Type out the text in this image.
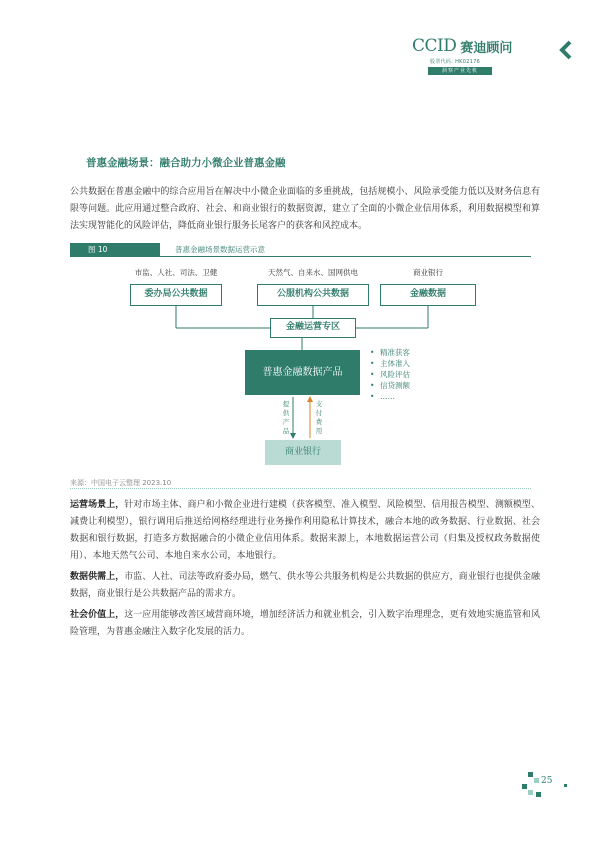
CCID 赛迪顾问
股票代码: HK02176
洞察产业先机
普惠金融场景：融合助力小微企业普惠金融

公共数据在普惠金融中的综合应用旨在解决中小微企业面临的多重挑战，包括规模小、风险承受能力低以及财务信息有限等问题。此应用通过整合政府、社会、和商业银行的数据资源，建立了全面的小微企业信用体系，利用数据模型和算法实现智能化的风险评估，降低商业银行服务长尾客户的获客和风控成本。

图 10	普惠金融场景数据运营示意
市监、人社、司法、卫健	天然气、自来水、国网供电	商业银行
委办局公共数据	公服机构公共数据	金融数据
金融运营专区
普惠金融数据产品
• 精准获客
• 主体准入
• 风险评估
• 信贷测额
• ……
提供产品
支付费用
商业银行
来源：中国电子云整理 2023.10

运营场景上，针对市场主体、商户和小微企业进行建模（获客模型、准入模型、风险模型、信用报告模型、测额模型、减费让利模型），银行调用后推送给网格经理进行业务操作利用隐私计算技术，融合本地的政务数据、行业数据、社会数据和银行数据，打造多方数据融合的小微企业信用体系。数据来源上，本地数据运营公司（归集及授权政务数据使用）、本地天然气公司、本地自来水公司，本地银行。

数据供需上，市监、人社、司法等政府委办局，燃气、供水等公共服务机构是公共数据的供应方，商业银行也提供金融数据，商业银行是公共数据产品的需求方。

社会价值上，这一应用能够改善区域营商环境，增加经济活力和就业机会，引入数字治理理念，更有效地实施监管和风险管理，为普惠金融注入数字化发展的活力。

25
